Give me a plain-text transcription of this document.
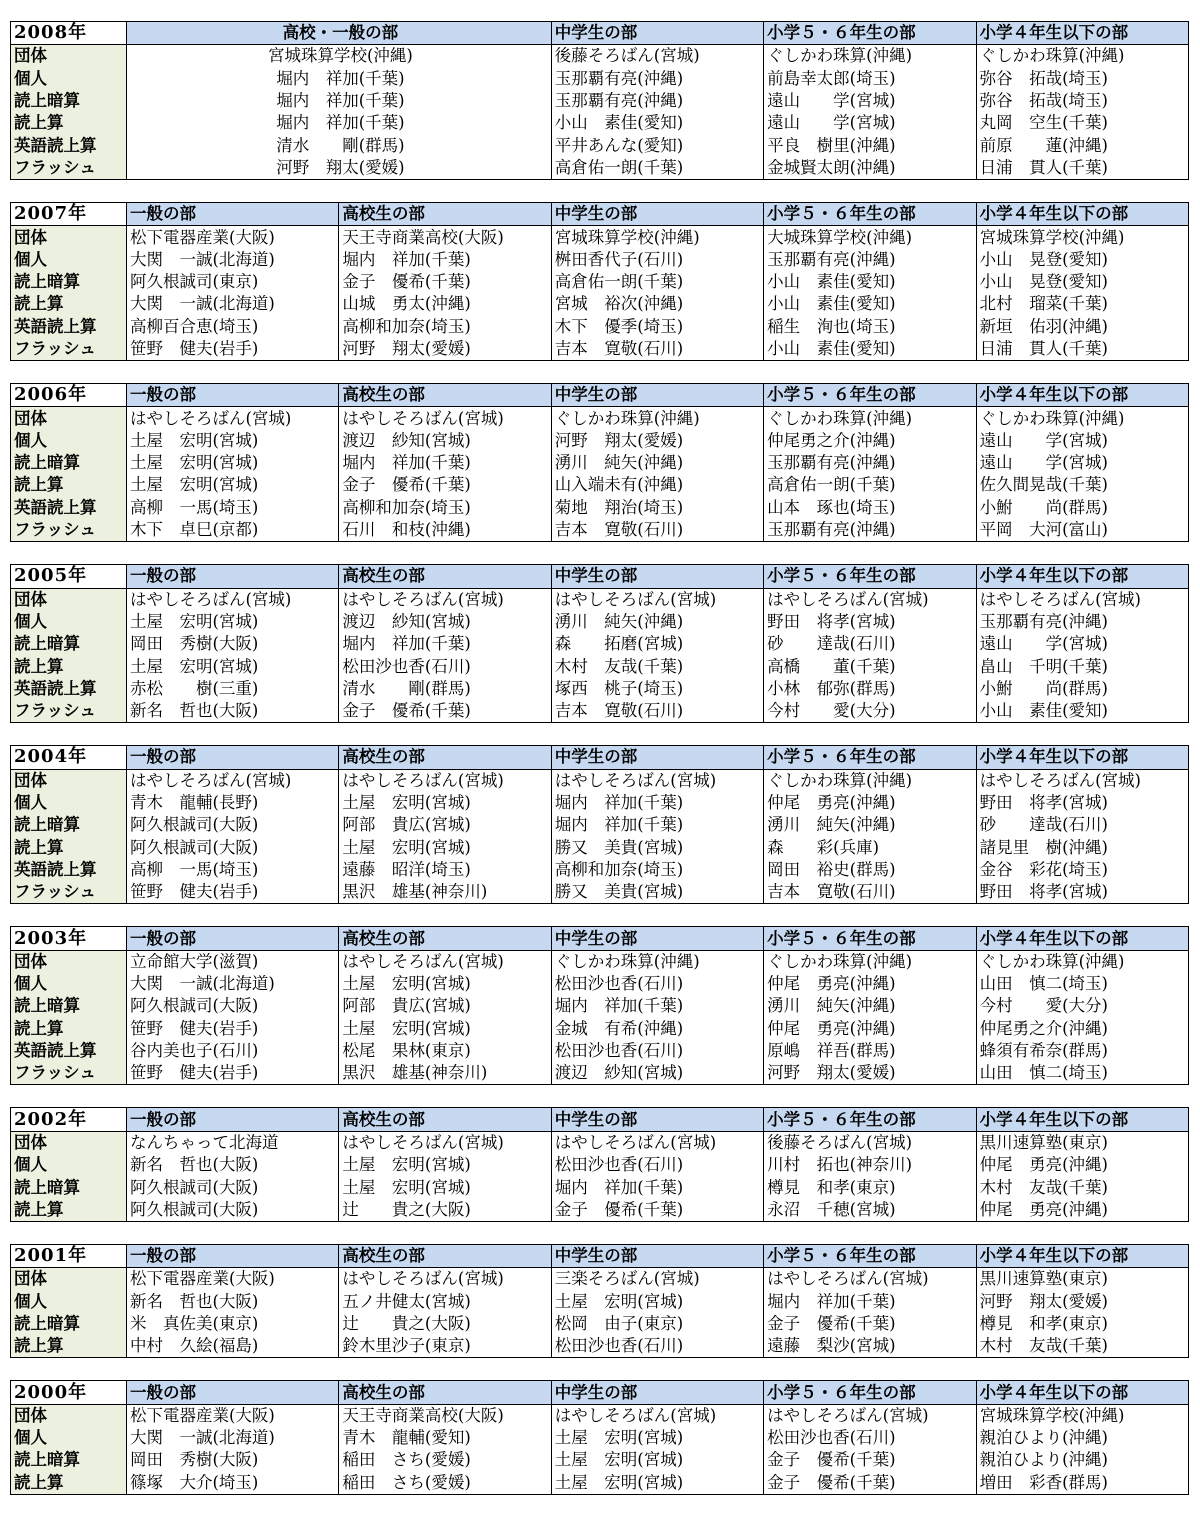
2008年	高校・一般の部	中学生の部	小学５・６年生の部	小学４年生以下の部
団体	宮城珠算学校(沖縄)	後藤そろばん(宮城)	ぐしかわ珠算(沖縄)	ぐしかわ珠算(沖縄)
個人	堀内　祥加(千葉)	玉那覇有亮(沖縄)	前島幸太郎(埼玉)	弥谷　拓哉(埼玉)
読上暗算	堀内　祥加(千葉)	玉那覇有亮(沖縄)	遠山　　学(宮城)	弥谷　拓哉(埼玉)
読上算	堀内　祥加(千葉)	小山　素佳(愛知)	遠山　　学(宮城)	丸岡　空生(千葉)
英語読上算	清水　　剛(群馬)	平井あんな(愛知)	平良　樹里(沖縄)	前原　　蓮(沖縄)
フラッシュ	河野　翔太(愛媛)	高倉佑一朗(千葉)	金城賢太朗(沖縄)	日浦　貫人(千葉)
2007年	一般の部	高校生の部	中学生の部	小学５・６年生の部	小学４年生以下の部
団体	松下電器産業(大阪)	天王寺商業高校(大阪)	宮城珠算学校(沖縄)	大城珠算学校(沖縄)	宮城珠算学校(沖縄)
個人	大関　一誠(北海道)	堀内　祥加(千葉)	桝田香代子(石川)	玉那覇有亮(沖縄)	小山　晃登(愛知)
読上暗算	阿久根誠司(東京)	金子　優希(千葉)	高倉佑一朗(千葉)	小山　素佳(愛知)	小山　晃登(愛知)
読上算	大関　一誠(北海道)	山城　勇太(沖縄)	宮城　裕次(沖縄)	小山　素佳(愛知)	北村　瑠菜(千葉)
英語読上算	高柳百合恵(埼玉)	高柳和加奈(埼玉)	木下　優季(埼玉)	稲生　洵也(埼玉)	新垣　佑羽(沖縄)
フラッシュ	笹野　健夫(岩手)	河野　翔太(愛媛)	吉本　寛敬(石川)	小山　素佳(愛知)	日浦　貫人(千葉)
2006年	一般の部	高校生の部	中学生の部	小学５・６年生の部	小学４年生以下の部
団体	はやしそろばん(宮城)	はやしそろばん(宮城)	ぐしかわ珠算(沖縄)	ぐしかわ珠算(沖縄)	ぐしかわ珠算(沖縄)
個人	土屋　宏明(宮城)	渡辺　紗知(宮城)	河野　翔太(愛媛)	仲尾勇之介(沖縄)	遠山　　学(宮城)
読上暗算	土屋　宏明(宮城)	堀内　祥加(千葉)	湧川　純矢(沖縄)	玉那覇有亮(沖縄)	遠山　　学(宮城)
読上算	土屋　宏明(宮城)	金子　優希(千葉)	山入端未有(沖縄)	高倉佑一朗(千葉)	佐久間晃哉(千葉)
英語読上算	高柳　一馬(埼玉)	高柳和加奈(埼玉)	菊地　翔治(埼玉)	山本　琢也(埼玉)	小鮒　　尚(群馬)
フラッシュ	木下　卓巳(京都)	石川　和枝(沖縄)	吉本　寛敬(石川)	玉那覇有亮(沖縄)	平岡　大河(富山)
2005年	一般の部	高校生の部	中学生の部	小学５・６年生の部	小学４年生以下の部
団体	はやしそろばん(宮城)	はやしそろばん(宮城)	はやしそろばん(宮城)	はやしそろばん(宮城)	はやしそろばん(宮城)
個人	土屋　宏明(宮城)	渡辺　紗知(宮城)	湧川　純矢(沖縄)	野田　将孝(宮城)	玉那覇有亮(沖縄)
読上暗算	岡田　秀樹(大阪)	堀内　祥加(千葉)	森　　拓磨(宮城)	砂　　達哉(石川)	遠山　　学(宮城)
読上算	土屋　宏明(宮城)	松田沙也香(石川)	木村　友哉(千葉)	高橋　　董(千葉)	畠山　千明(千葉)
英語読上算	赤松　　樹(三重)	清水　　剛(群馬)	塚西　桃子(埼玉)	小林　郁弥(群馬)	小鮒　　尚(群馬)
フラッシュ	新名　哲也(大阪)	金子　優希(千葉)	吉本　寛敬(石川)	今村　　愛(大分)	小山　素佳(愛知)
2004年	一般の部	高校生の部	中学生の部	小学５・６年生の部	小学４年生以下の部
団体	はやしそろばん(宮城)	はやしそろばん(宮城)	はやしそろばん(宮城)	ぐしかわ珠算(沖縄)	はやしそろばん(宮城)
個人	青木　龍輔(長野)	土屋　宏明(宮城)	堀内　祥加(千葉)	仲尾　勇亮(沖縄)	野田　将孝(宮城)
読上暗算	阿久根誠司(大阪)	阿部　貴広(宮城)	堀内　祥加(千葉)	湧川　純矢(沖縄)	砂　　達哉(石川)
読上算	阿久根誠司(大阪)	土屋　宏明(宮城)	勝又　美貴(宮城)	森　　彩(兵庫)	諸見里　樹(沖縄)
英語読上算	高柳　一馬(埼玉)	遠藤　昭洋(埼玉)	高柳和加奈(埼玉)	岡田　裕史(群馬)	金谷　彩花(埼玉)
フラッシュ	笹野　健夫(岩手)	黒沢　雄基(神奈川)	勝又　美貴(宮城)	吉本　寛敬(石川)	野田　将孝(宮城)
2003年	一般の部	高校生の部	中学生の部	小学５・６年生の部	小学４年生以下の部
団体	立命館大学(滋賀)	はやしそろばん(宮城)	ぐしかわ珠算(沖縄)	ぐしかわ珠算(沖縄)	ぐしかわ珠算(沖縄)
個人	大関　一誠(北海道)	土屋　宏明(宮城)	松田沙也香(石川)	仲尾　勇亮(沖縄)	山田　慎二(埼玉)
読上暗算	阿久根誠司(大阪)	阿部　貴広(宮城)	堀内　祥加(千葉)	湧川　純矢(沖縄)	今村　　愛(大分)
読上算	笹野　健夫(岩手)	土屋　宏明(宮城)	金城　有希(沖縄)	仲尾　勇亮(沖縄)	仲尾勇之介(沖縄)
英語読上算	谷内美也子(石川)	松尾　果林(東京)	松田沙也香(石川)	原嶋　祥吾(群馬)	蜂須有希奈(群馬)
フラッシュ	笹野　健夫(岩手)	黒沢　雄基(神奈川)	渡辺　紗知(宮城)	河野　翔太(愛媛)	山田　慎二(埼玉)
2002年	一般の部	高校生の部	中学生の部	小学５・６年生の部	小学４年生以下の部
団体	なんちゃって北海道	はやしそろばん(宮城)	はやしそろばん(宮城)	後藤そろばん(宮城)	黒川速算塾(東京)
個人	新名　哲也(大阪)	土屋　宏明(宮城)	松田沙也香(石川)	川村　拓也(神奈川)	仲尾　勇亮(沖縄)
読上暗算	阿久根誠司(大阪)	土屋　宏明(宮城)	堀内　祥加(千葉)	樽見　和孝(東京)	木村　友哉(千葉)
読上算	阿久根誠司(大阪)	辻　　貴之(大阪)	金子　優希(千葉)	永沼　千穂(宮城)	仲尾　勇亮(沖縄)
2001年	一般の部	高校生の部	中学生の部	小学５・６年生の部	小学４年生以下の部
団体	松下電器産業(大阪)	はやしそろばん(宮城)	三楽そろばん(宮城)	はやしそろばん(宮城)	黒川速算塾(東京)
個人	新名　哲也(大阪)	五ノ井健太(宮城)	土屋　宏明(宮城)	堀内　祥加(千葉)	河野　翔太(愛媛)
読上暗算	米　真佐美(東京)	辻　　貴之(大阪)	松岡　由子(東京)	金子　優希(千葉)	樽見　和孝(東京)
読上算	中村　久絵(福島)	鈴木里沙子(東京)	松田沙也香(石川)	遠藤　梨沙(宮城)	木村　友哉(千葉)
2000年	一般の部	高校生の部	中学生の部	小学５・６年生の部	小学４年生以下の部
団体	松下電器産業(大阪)	天王寺商業高校(大阪)	はやしそろばん(宮城)	はやしそろばん(宮城)	宮城珠算学校(沖縄)
個人	大関　一誠(北海道)	青木　龍輔(愛知)	土屋　宏明(宮城)	松田沙也香(石川)	親泊ひより(沖縄)
読上暗算	岡田　秀樹(大阪)	稲田　さち(愛媛)	土屋　宏明(宮城)	金子　優希(千葉)	親泊ひより(沖縄)
読上算	篠塚　大介(埼玉)	稲田　さち(愛媛)	土屋　宏明(宮城)	金子　優希(千葉)	増田　彩香(群馬)
